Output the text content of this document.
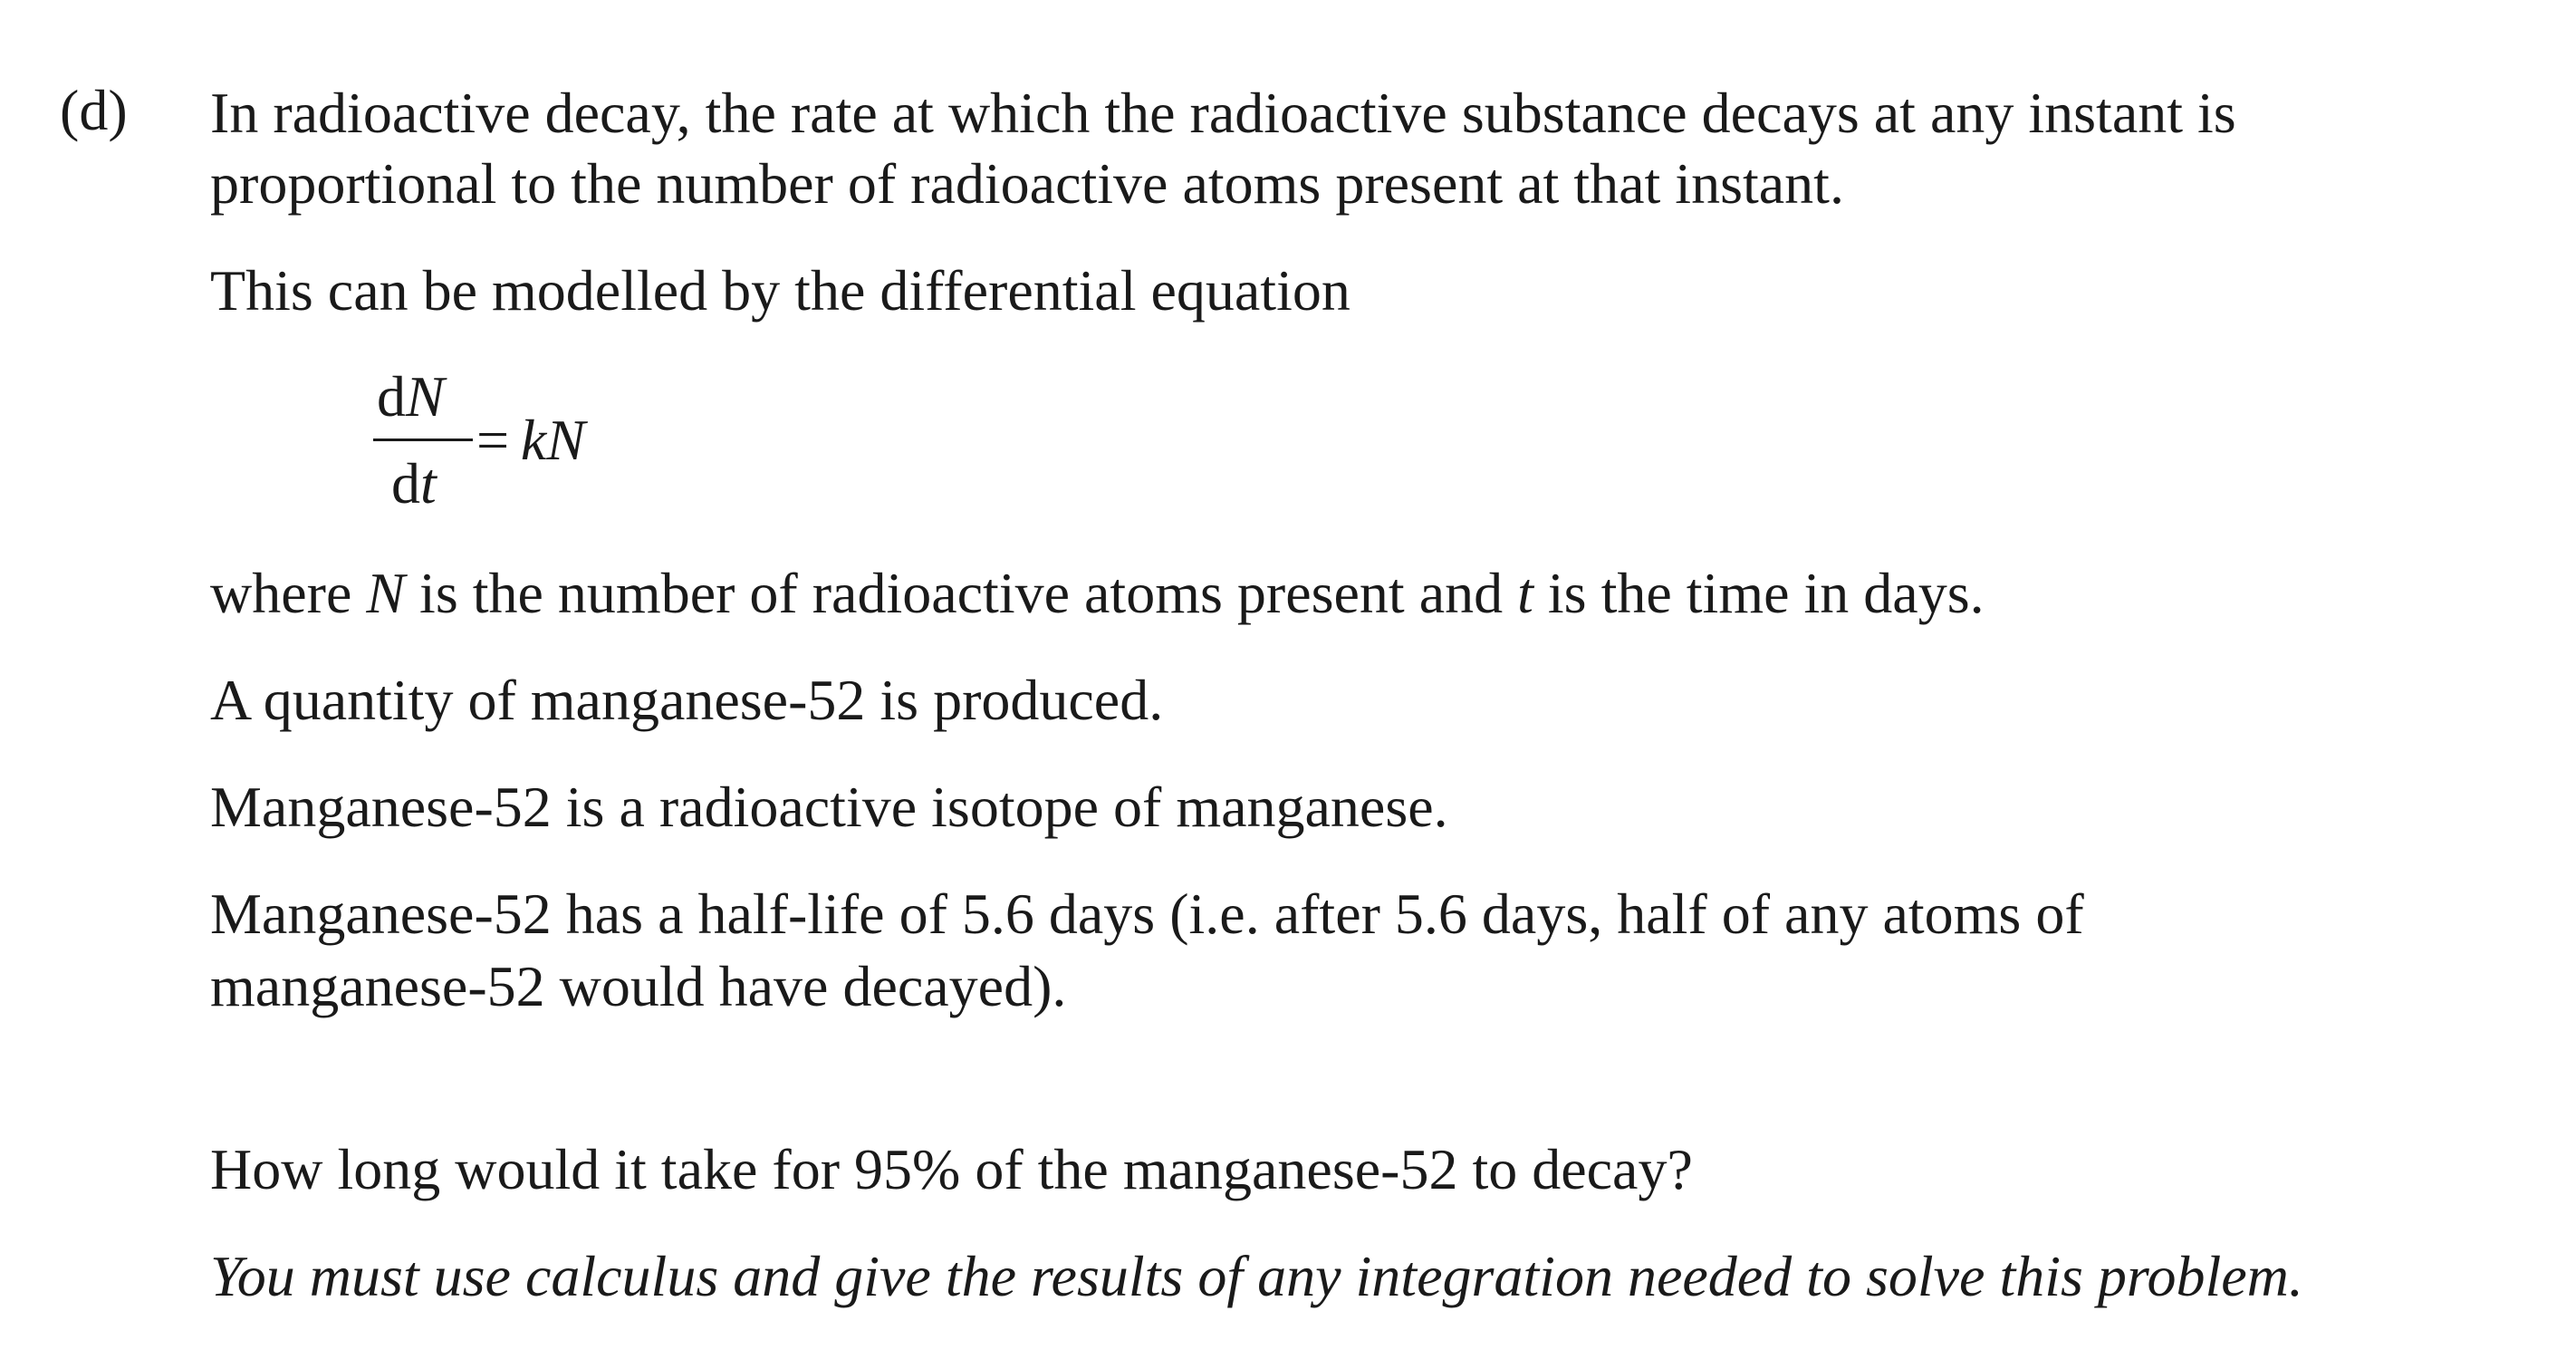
(d) In radioactive decay, the rate at which the radioactive substance decays at any instant is
proportional to the number of radioactive atoms present at that instant.
This can be modelled by the differential equation
dN
dt
=  kN
where N is the number of radioactive atoms present and t is the time in days.
A quantity of manganese-52 is produced.
Manganese-52 is a radioactive isotope of manganese.
Manganese-52 has a half-life of 5.6 days (i.e. after 5.6 days, half of any atoms of
manganese-52 would have decayed).
How long would it take for 95% of the manganese-52 to decay?
You must use calculus and give the results of any integration needed to solve this problem.
